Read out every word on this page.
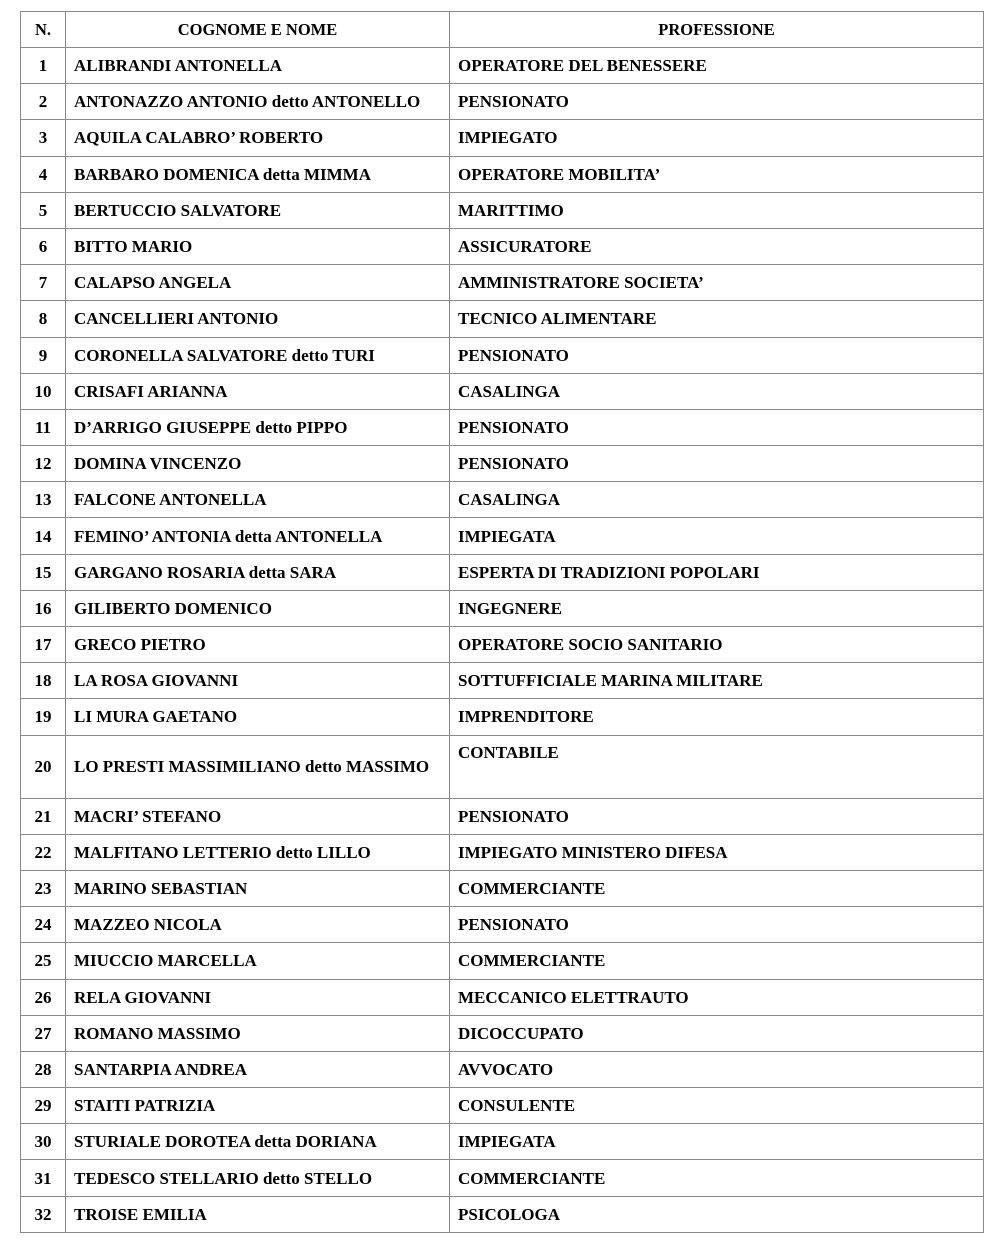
N.	COGNOME E NOME	PROFESSIONE
1	ALIBRANDI ANTONELLA	OPERATORE DEL BENESSERE
2	ANTONAZZO ANTONIO detto ANTONELLO	PENSIONATO
3	AQUILA CALABRO’ ROBERTO	IMPIEGATO
4	BARBARO DOMENICA detta MIMMA	OPERATORE MOBILITA’
5	BERTUCCIO SALVATORE	MARITTIMO
6	BITTO MARIO	ASSICURATORE
7	CALAPSO ANGELA	AMMINISTRATORE SOCIETA’
8	CANCELLIERI ANTONIO	TECNICO ALIMENTARE
9	CORONELLA SALVATORE detto TURI	PENSIONATO
10	CRISAFI ARIANNA	CASALINGA
11	D’ARRIGO GIUSEPPE detto PIPPO	PENSIONATO
12	DOMINA VINCENZO	PENSIONATO
13	FALCONE ANTONELLA	CASALINGA
14	FEMINO’ ANTONIA detta ANTONELLA	IMPIEGATA
15	GARGANO ROSARIA detta SARA	ESPERTA DI TRADIZIONI POPOLARI
16	GILIBERTO DOMENICO	INGEGNERE
17	GRECO PIETRO	OPERATORE SOCIO SANITARIO
18	LA ROSA GIOVANNI	SOTTUFFICIALE MARINA MILITARE
19	LI MURA GAETANO	IMPRENDITORE
20	LO PRESTI MASSIMILIANO detto MASSIMO	CONTABILE
21	MACRI’ STEFANO	PENSIONATO
22	MALFITANO LETTERIO detto LILLO	IMPIEGATO MINISTERO DIFESA
23	MARINO SEBASTIAN	COMMERCIANTE
24	MAZZEO NICOLA	PENSIONATO
25	MIUCCIO MARCELLA	COMMERCIANTE
26	RELA GIOVANNI	MECCANICO ELETTRAUTO
27	ROMANO MASSIMO	DICOCCUPATO
28	SANTARPIA ANDREA	AVVOCATO
29	STAITI PATRIZIA	CONSULENTE
30	STURIALE DOROTEA detta DORIANA	IMPIEGATA
31	TEDESCO STELLARIO detto STELLO	COMMERCIANTE
32	TROISE EMILIA	PSICOLOGA
